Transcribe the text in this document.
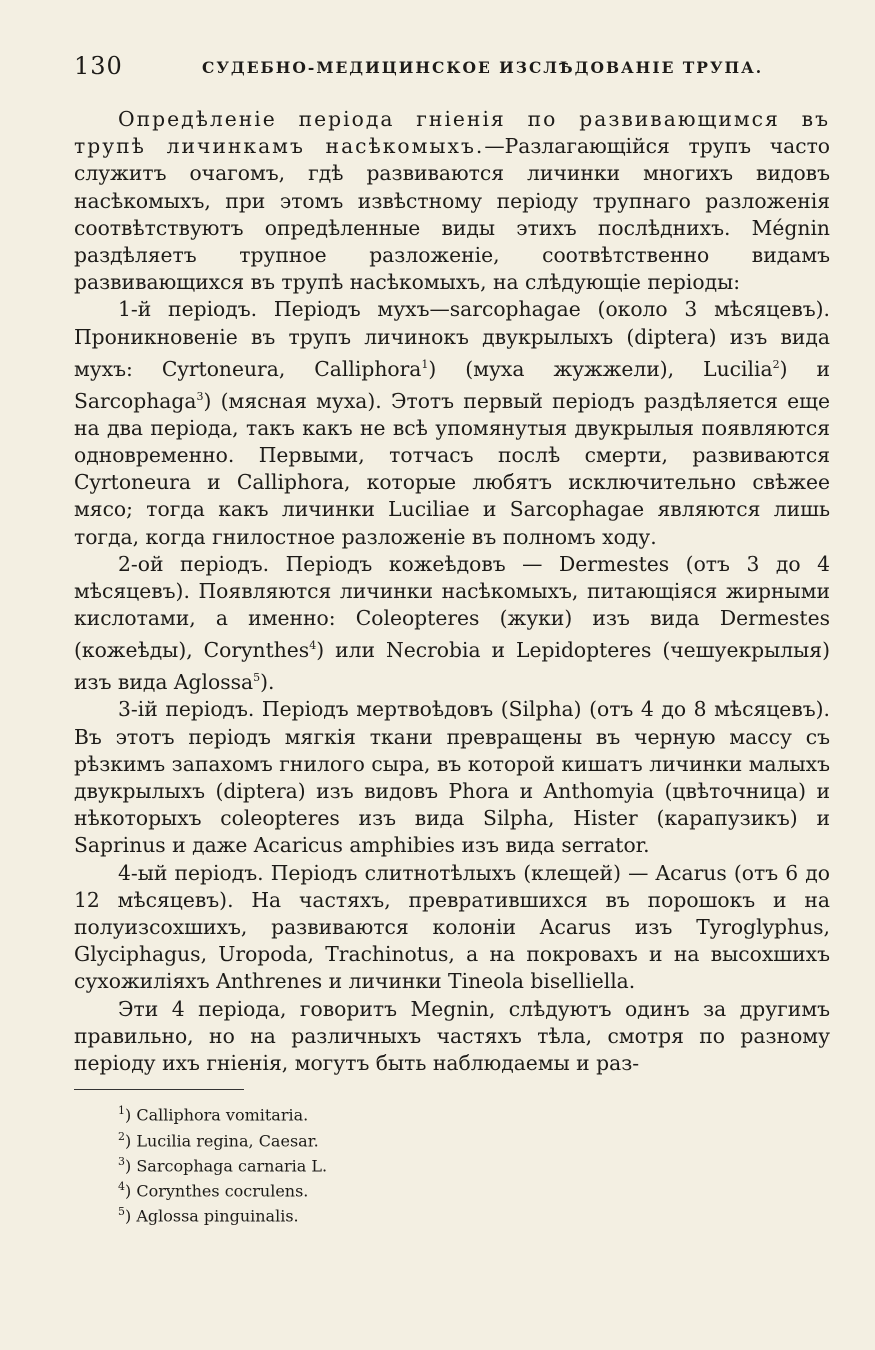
130	СУДЕБНО-МЕДИЦИНСКОЕ ИЗСЛѢДОВАНІЕ ТРУПА.

Опредѣленіе періода гніенія по развивающимся въ трупѣ личинкамъ насѣкомыхъ.—Разлагающійся трупъ часто служитъ очагомъ, гдѣ развиваются личинки многихъ видовъ насѣкомыхъ, при этомъ извѣстному періоду трупнаго разложенія соотвѣтствуютъ опредѣленные виды этихъ послѣднихъ. Mégnin раздѣляетъ трупное разложеніе, соотвѣтственно видамъ развивающихся въ трупѣ насѣкомыхъ, на слѣдующіе періоды:

1-й періодъ. Періодъ мухъ—sarcophagae (около 3 мѣсяцевъ). Проникновеніе въ трупъ личинокъ двукрылыхъ (diptera) изъ вида мухъ: Cyrtoneura, Calliphora$^1$) (муха жужжели), Lucilia$^2$) и Sarcophaga$^3$) (мясная муха). Этотъ первый періодъ раздѣляется еще на два періода, такъ какъ не всѣ упомянутыя двукрылыя появляются одновременно. Первыми, тотчасъ послѣ смерти, развиваются Cyrtoneura и Calliphora, которые любятъ исключительно свѣжее мясо; тогда какъ личинки Luciliae и Sarcophagae являются лишь тогда, когда гнилостное разложеніе въ полномъ ходу.

2-ой періодъ. Періодъ кожеѣдовъ — Dermestes (отъ 3 до 4 мѣсяцевъ). Появляются личинки насѣкомыхъ, питающіяся жирными кислотами, а именно: Coleopteres (жуки) изъ вида Dermestes (кожеѣды), Corynthes$^4$) или Necrobia и Lepidopteres (чешуекрылыя) изъ вида Aglossa$^5$).

3-ій періодъ. Періодъ мертвоѣдовъ (Silpha) (отъ 4 до 8 мѣсяцевъ). Въ этотъ періодъ мягкія ткани превращены въ черную массу съ рѣзкимъ запахомъ гнилого сыра, въ которой кишатъ личинки малыхъ двукрылыхъ (diptera) изъ видовъ Phora и Anthomyia (цвѣточница) и нѣкоторыхъ coleopteres изъ вида Silpha, Hister (карапузикъ) и Saprinus и даже Acaricus amphibies изъ вида serrator.

4-ый періодъ. Періодъ слитнотѣлыхъ (клещей) — Acarus (отъ 6 до 12 мѣсяцевъ). На частяхъ, превратившихся въ порошокъ и на полуизсохшихъ, развиваются колоніи Acarus изъ Tyroglyphus, Glyciphagus, Uropoda, Trachinotus, а на покровахъ и на высохшихъ сухожиліяхъ Anthrenes и личинки Tineola biselliella.

Эти 4 періода, говоритъ Megnin, слѣдуютъ одинъ за другимъ правильно, но на различныхъ частяхъ тѣла, смотря по разному періоду ихъ гніенія, могутъ быть наблюдаемы и раз-

$^1$) Calliphora vomitaria.

$^2$) Lucilia regina, Caesar.

$^3$) Sarcophaga carnaria L.

$^4$) Corynthes cocrulens.

$^5$) Aglossa pinguinalis.
